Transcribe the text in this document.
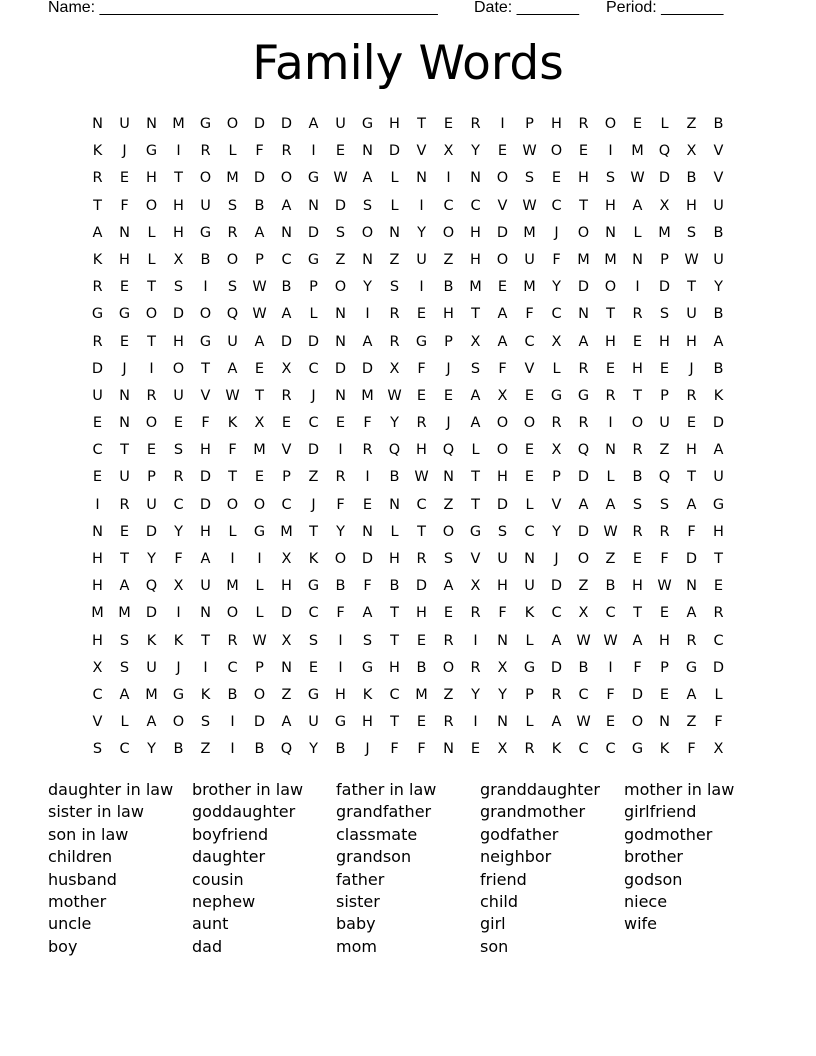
Name: ______________________________________ Date: _______ Period: _______
Family Words
N	U	N	M	G	O	D	D	A	U	G	H	T	E	R	I	P	H	R	O	E	L	Z	B
K	J	G	I	R	L	F	R	I	E	N	D	V	X	Y	E	W O	E	I	M	Q	X	V
R	E	H	T	O	M	D	O	G W	A	L	N	I	N	O	S	E	H	S	W D	B	V
T	F	O	H	U	S	B	A	N	D	S	L	I	C	C	V	W	C	T	H	A	X	H	U
A	N	L	H	G	R	A	N	D	S	O	N	Y	O	H	D	M	J	O	N	L	M	S	B
K	H	L	X	B	O	P	C	G	Z	N	Z	U	Z	H	O	U	F	M M	N	P	W	U
R	E	T	S	I	S	W	B	P	O	Y	S	I	B	M	E	M	Y	D	O	I	D	T	Y
G	G	O	D	O	Q W	A	L	N	I	R	E	H	T	A	F	C	N	T	R	S	U	B
R	E	T	H	G	U	A	D	D	N	A	R	G	P	X	A	C	X	A	H	E	H	H	A
D	J	I	O	T	A	E	X	C	D	D	X	F	J	S	F	V	L	R	E	H	E	J	B
U	N	R	U	V	W	T	R	J	N	M W	E	E	A	X	E	G	G	R	T	P	R	K
E	N	O	E	F	K	X	E	C	E	F	Y	R	J	A	O	O	R	R	I	O	U	E	D
C	T	E	S	H	F	M	V	D	I	R	Q	H	Q	L	O	E	X	Q	N	R	Z	H	A
E	U	P	R	D	T	E	P	Z	R	I	B	W N	T	H	E	P	D	L	B	Q	T	U
I	R	U	C	D	O	O	C	J	F	E	N	C	Z	T	D	L	V	A	A	S	S	A	G
N	E	D	Y	H	L	G	M	T	Y	N	L	T	O	G	S	C	Y	D W	R	R	F	H
H	T	Y	F	A	I	I	X	K	O	D	H	R	S	V	U	N	J	O	Z	E	F	D	T
H	A	Q	X	U	M	L	H	G	B	F	B	D	A	X	H	U	D	Z	B	H W N	E
M M	D	I	N	O	L	D	C	F	A	T	H	E	R	F	K	C	X	C	T	E	A	R
H	S	K	K	T	R	W	X	S	I	S	T	E	R	I	N	L	A	W W	A	H	R	C
X	S	U	J	I	C	P	N	E	I	G	H	B	O	R	X	G	D	B	I	F	P	G	D
C	A	M	G	K	B	O	Z	G	H	K	C	M	Z	Y	Y	P	R	C	F	D	E	A	L
V	L	A	O	S	I	D	A	U	G	H	T	E	R	I	N	L	A	W	E	O	N	Z	F
S	C	Y	B	Z	I	B	Q	Y	B	J	F	F	N	E	X	R	K	C	C	G	K	F	X
daughter in law
sister in law
son in law
children
husband
mother
uncle
boy
brother in law
goddaughter
boyfriend
daughter
cousin
nephew
aunt
dad
father in law
grandfather
classmate
grandson
father
sister
baby
mom
granddaughter
grandmother
godfather
neighbor
friend
child
girl
son
mother in law
girlfriend
godmother
brother
godson
niece
wife
